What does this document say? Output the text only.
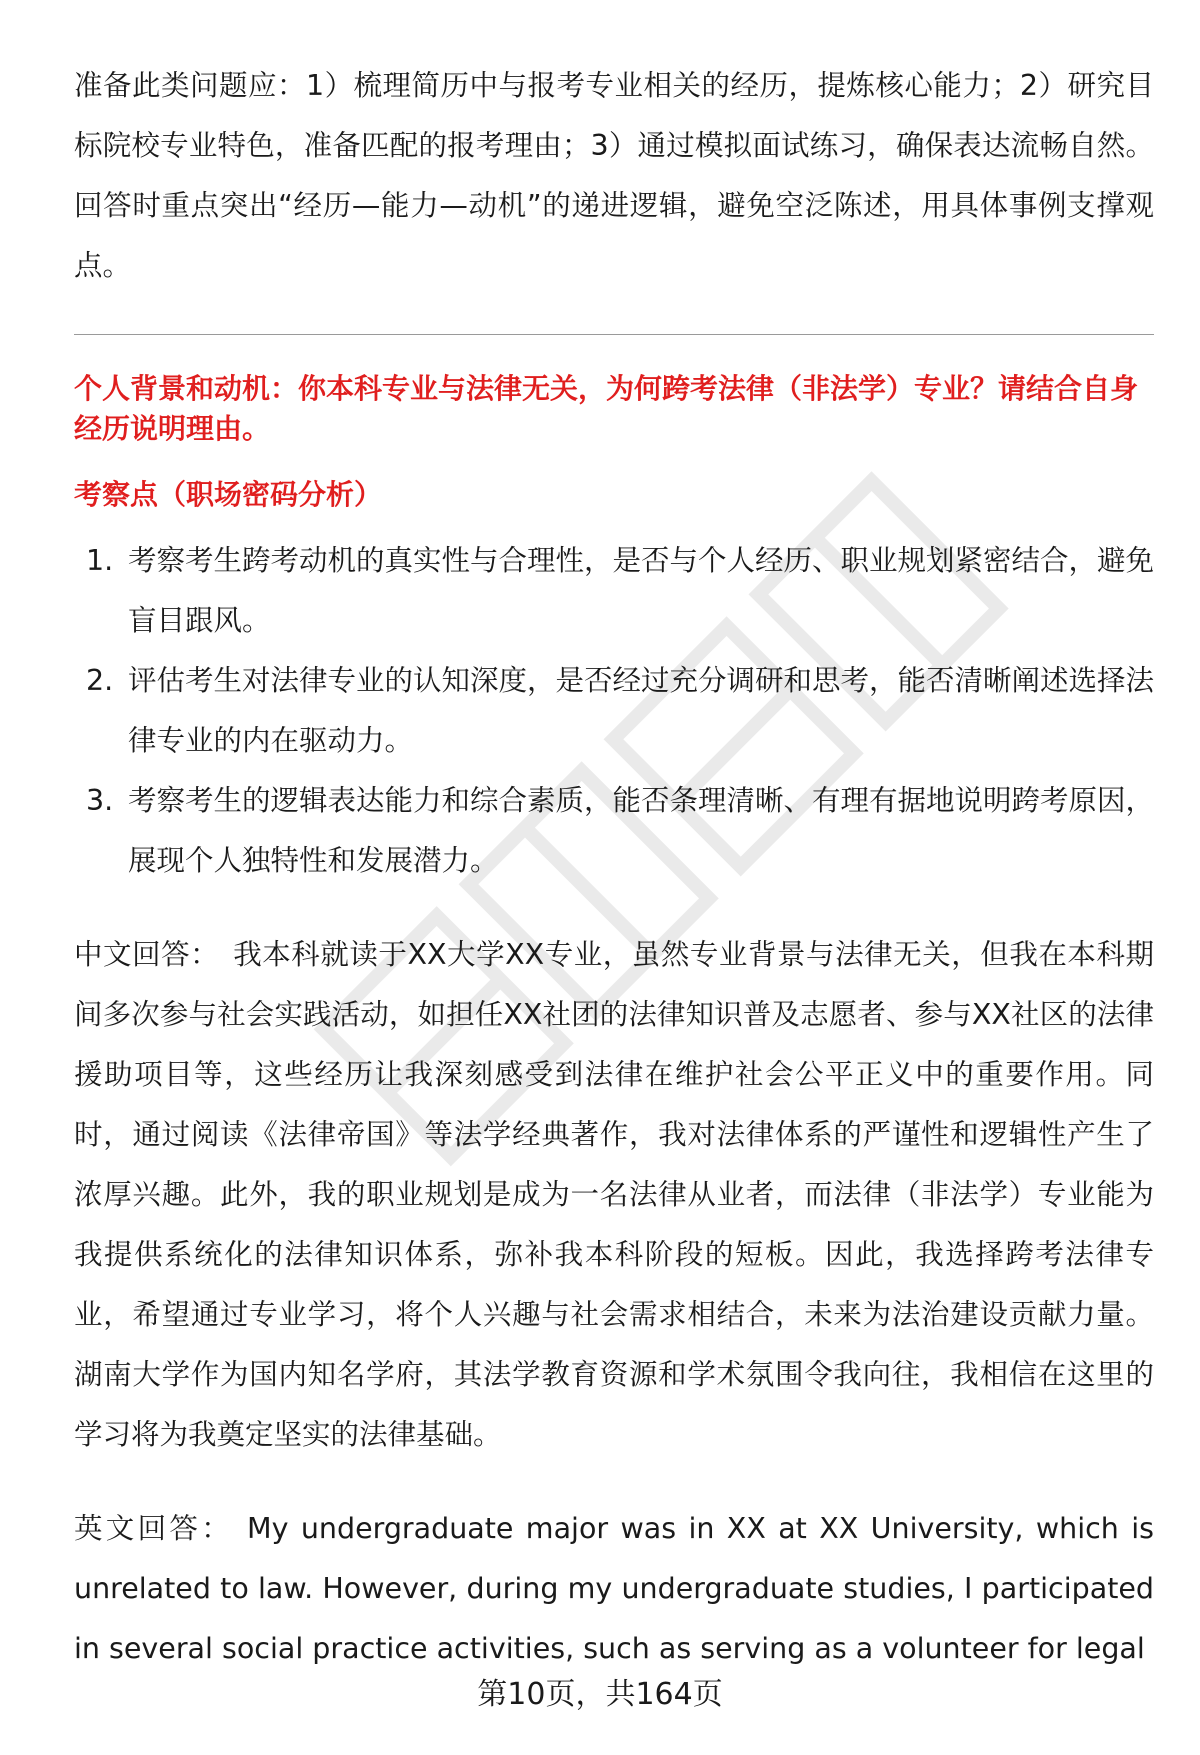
准备此类问题应：1）梳理简历中与报考专业相关的经历，提炼核心能力；2）研究目标院校专业特色，准备匹配的报考理由；3）通过模拟面试练习，确保表达流畅自然。回答时重点突出“经历—能力—动机”的递进逻辑，避免空泛陈述，用具体事例支撑观点。

个人背景和动机：你本科专业与法律无关，为何跨考法律（非法学）专业？请结合自身经历说明理由。

考察点（职场密码分析）

1. 考察考生跨考动机的真实性与合理性，是否与个人经历、职业规划紧密结合，避免盲目跟风。
2. 评估考生对法律专业的认知深度，是否经过充分调研和思考，能否清晰阐述选择法律专业的内在驱动力。
3. 考察考生的逻辑表达能力和综合素质，能否条理清晰、有理有据地说明跨考原因，展现个人独特性和发展潜力。

中文回答： 我本科就读于XX大学XX专业，虽然专业背景与法律无关，但我在本科期间多次参与社会实践活动，如担任XX社团的法律知识普及志愿者、参与XX社区的法律援助项目等，这些经历让我深刻感受到法律在维护社会公平正义中的重要作用。同时，通过阅读《法律帝国》等法学经典著作，我对法律体系的严谨性和逻辑性产生了浓厚兴趣。此外，我的职业规划是成为一名法律从业者，而法律（非法学）专业能为我提供系统化的法律知识体系，弥补我本科阶段的短板。因此，我选择跨考法律专业，希望通过专业学习，将个人兴趣与社会需求相结合，未来为法治建设贡献力量。湖南大学作为国内知名学府，其法学教育资源和学术氛围令我向往，我相信在这里的学习将为我奠定坚实的法律基础。

英文回答： My undergraduate major was in XX at XX University, which is unrelated to law. However, during my undergraduate studies, I participated in several social practice activities, such as serving as a volunteer for legal

第10页，共164页
